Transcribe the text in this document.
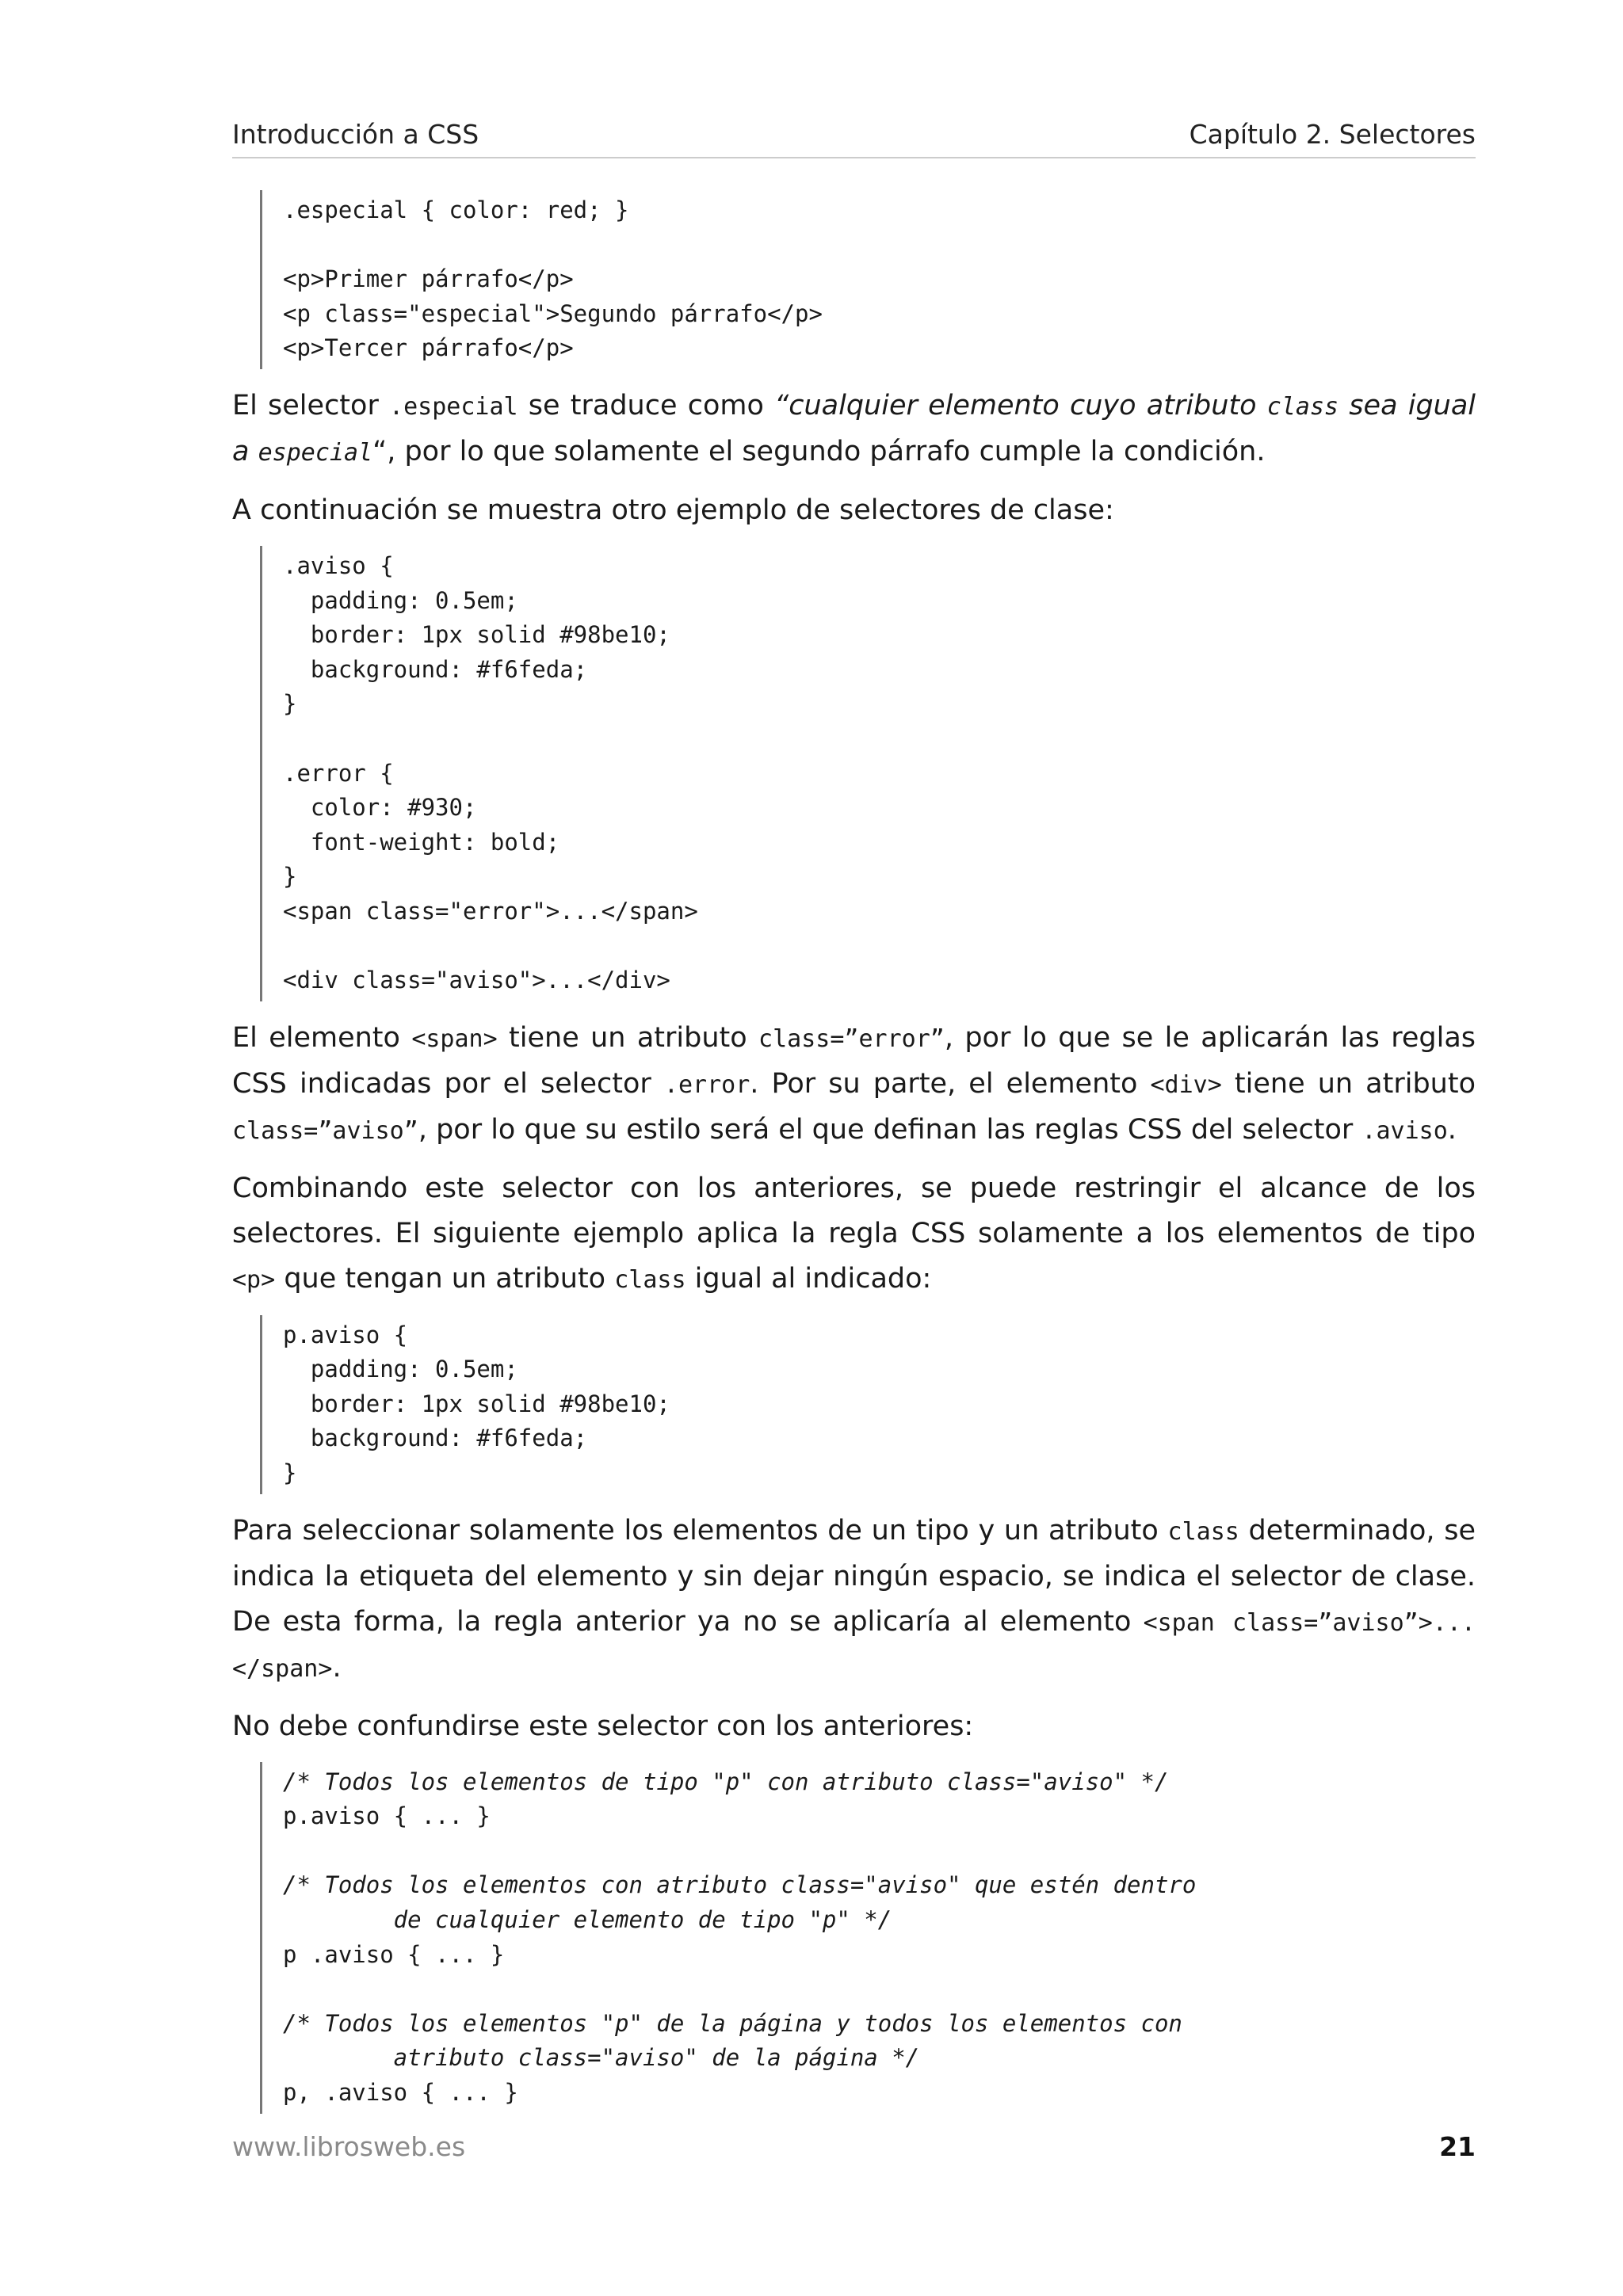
Introducción a CSS	Capítulo 2. Selectores
.especial { color: red; }

<p>Primer párrafo</p>
<p class="especial">Segundo párrafo</p>
<p>Tercer párrafo</p>
El selector .especial se traduce como “cualquier elemento cuyo atributo class sea igual a especial“, por lo que solamente el segundo párrafo cumple la condición.
A continuación se muestra otro ejemplo de selectores de clase:
.aviso {
padding: 0.5em;
border: 1px solid #98be10;
background: #f6feda;
}

.error {
color: #930;
font-weight: bold;
}
<span class="error">...</span>

<div class="aviso">...</div>
El elemento <span> tiene un atributo class=”error”, por lo que se le aplicarán las reglas CSS indicadas por el selector .error. Por su parte, el elemento <div> tiene un atributo class=”aviso”, por lo que su estilo será el que definan las reglas CSS del selector .aviso.
Combinando este selector con los anteriores, se puede restringir el alcance de los selectores. El siguiente ejemplo aplica la regla CSS solamente a los elementos de tipo <p> que tengan un atributo class igual al indicado:
p.aviso {
padding: 0.5em;
border: 1px solid #98be10;
background: #f6feda;
}
Para seleccionar solamente los elementos de un tipo y un atributo class determinado, se indica la etiqueta del elemento y sin dejar ningún espacio, se indica el selector de clase. De esta forma, la regla anterior ya no se aplicaría al elemento <span class=”aviso”>...</span>.
No debe confundirse este selector con los anteriores:
/* Todos los elementos de tipo "p" con atributo class="aviso" */
p.aviso { ... }

/* Todos los elementos con atributo class="aviso" que estén dentro
de cualquier elemento de tipo "p" */
p .aviso { ... }

/* Todos los elementos "p" de la página y todos los elementos con
atributo class="aviso" de la página */
p, .aviso { ... }
www.librosweb.es	21
